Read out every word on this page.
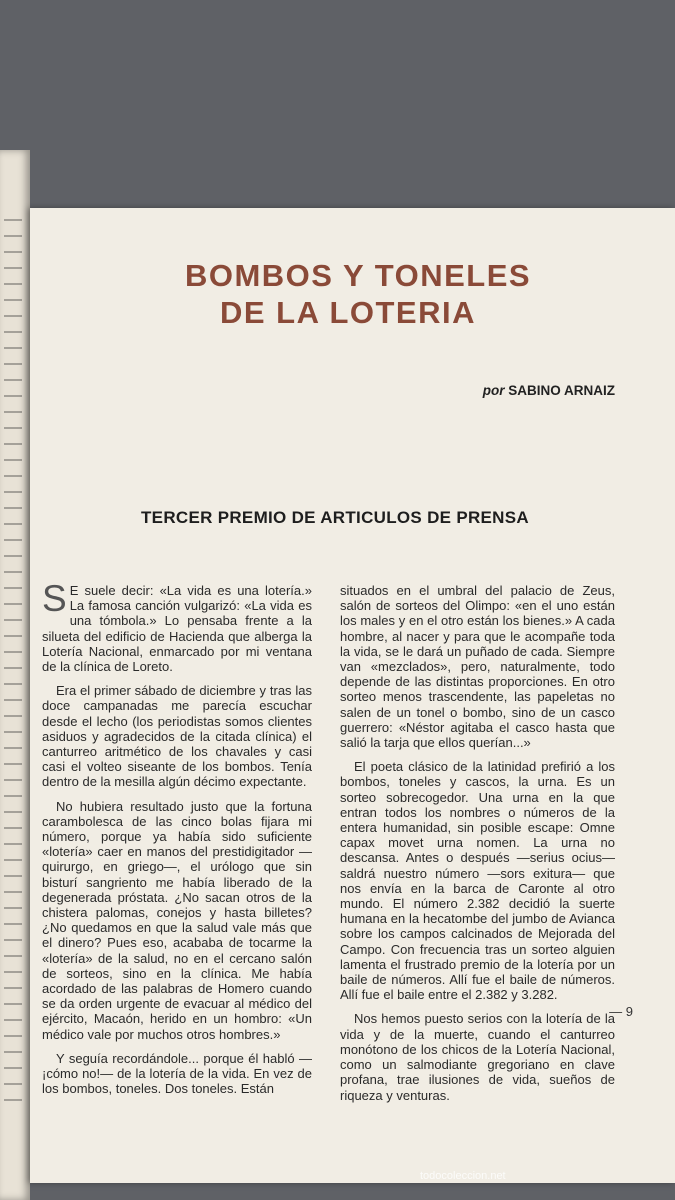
BOMBOS Y TONELES
DE LA LOTERIA
por SABINO ARNAIZ
TERCER PREMIO DE ARTICULOS DE PRENSA

S E suele decir: «La vida es una lotería.» La famosa canción vulgarizó: «La vida es una tómbola.» Lo pensaba frente a la silueta del edificio de Hacienda que alberga la Lotería Nacional, enmarcado por mi ventana de la clínica de Loreto.

Era el primer sábado de diciembre y tras las doce campanadas me parecía escuchar desde el lecho (los periodistas somos clientes asiduos y agradecidos de la citada clínica) el canturreo aritmético de los chavales y casi casi el volteo siseante de los bombos. Tenía dentro de la mesilla algún décimo expectante.

No hubiera resultado justo que la fortuna carambolesca de las cinco bolas fijara mi número, porque ya había sido suficiente «lotería» caer en manos del prestidigitador —quirurgo, en griego—, el urólogo que sin bisturí sangriento me había liberado de la degenerada próstata. ¿No sacan otros de la chistera palomas, conejos y hasta billetes? ¿No quedamos en que la salud vale más que el dinero? Pues eso, acababa de tocarme la «lotería» de la salud, no en el cercano salón de sorteos, sino en la clínica. Me había acordado de las palabras de Homero cuando se da orden urgente de evacuar al médico del ejército, Macaón, herido en un hombro: «Un médico vale por muchos otros hombres.»

Y seguía recordándole... porque él habló —¡cómo no!— de la lotería de la vida. En vez de los bombos, toneles. Dos toneles. Están

situados en el umbral del palacio de Zeus, salón de sorteos del Olimpo: «en el uno están los males y en el otro están los bienes.» A cada hombre, al nacer y para que le acompañe toda la vida, se le dará un puñado de cada. Siempre van «mezclados», pero, naturalmente, todo depende de las distintas proporciones. En otro sorteo menos trascendente, las papeletas no salen de un tonel o bombo, sino de un casco guerrero: «Néstor agitaba el casco hasta que salió la tarja que ellos querían...»

El poeta clásico de la latinidad prefirió a los bombos, toneles y cascos, la urna. Es un sorteo sobrecogedor. Una urna en la que entran todos los nombres o números de la entera humanidad, sin posible escape: Omne capax movet urna nomen. La urna no descansa. Antes o después —serius ocius— saldrá nuestro número —sors exitura— que nos envía en la barca de Caronte al otro mundo. El número 2.382 decidió la suerte humana en la hecatombe del jumbo de Avianca sobre los campos calcinados de Mejorada del Campo. Con frecuencia tras un sorteo alguien lamenta el frustrado premio de la lotería por un baile de números. Allí fue el baile de números. Allí fue el baile entre el 2.382 y 3.282.

Nos hemos puesto serios con la lotería de la vida y de la muerte, cuando el canturreo monótono de los chicos de la Lotería Nacional, como un salmodiante gregoriano en clave profana, trae ilusiones de vida, sueños de riqueza y venturas.

— 9
todocoleccion.net
